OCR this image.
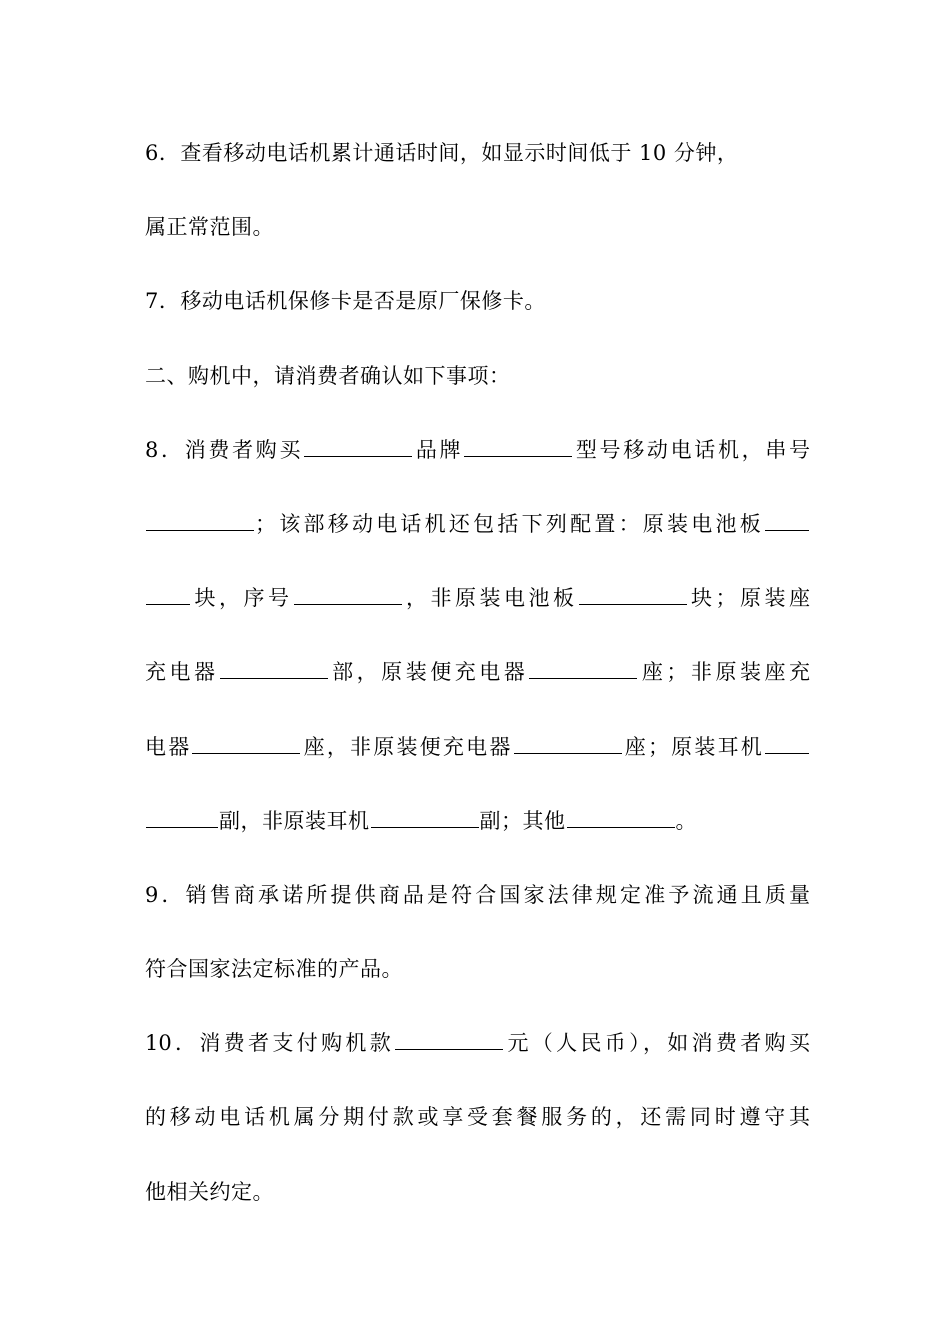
6．查看移动电话机累计通话时间，如显示时间低于 10 分钟，
属正常范围。
7．移动电话机保修卡是否是原厂保修卡。
二、购机中，请消费者确认如下事项：
8．消费者购买	品牌	型号移动电话机，串号
；该部移动电话机还包括下列配置：原装电池板
块，序号	，非原装电池板	块；原装座
充电器	部，原装便充电器	座；非原装座充
电器	座，非原装便充电器	座；原装耳机
副，非原装耳机	副；其他	。
9．销售商承诺所提供商品是符合国家法律规定准予流通且质量
符合国家法定标准的产品。
10．消费者支付购机款	元（人民币），如消费者购买
的移动电话机属分期付款或享受套餐服务的，还需同时遵守其
他相关约定。
